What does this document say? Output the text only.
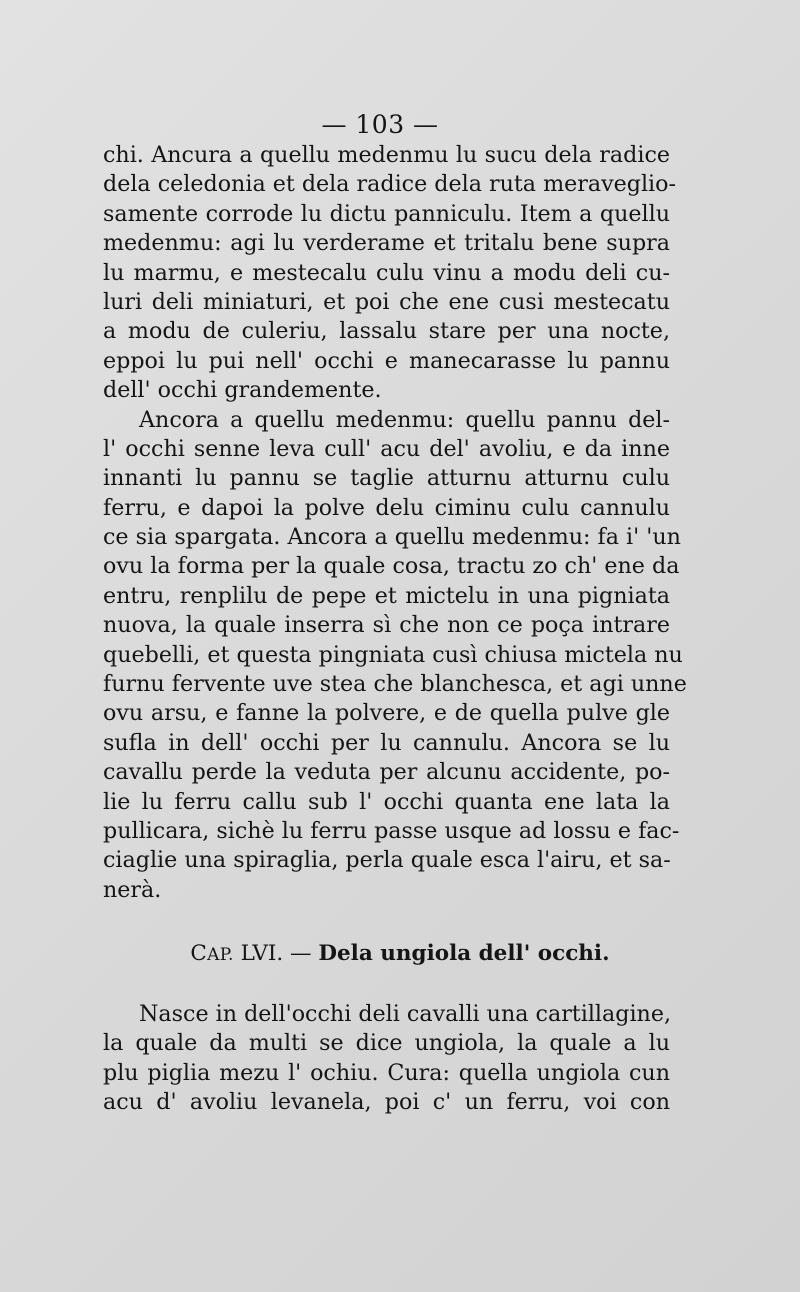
— 103 —
chi. Ancura a quellu medenmu lu sucu dela radice
dela celedonia et dela radice dela ruta meraveglio-
samente corrode lu dictu panniculu. Item a quellu
medenmu: agi lu verderame et tritalu bene supra
lu marmu, e mestecalu culu vinu a modu deli cu-
luri deli miniaturi, et poi che ene cusi mestecatu
a modu de culeriu, lassalu stare per una nocte,
eppoi lu pui nell' occhi e manecarasse lu pannu
dell' occhi grandemente.
Ancora a quellu medenmu: quellu pannu del-
l' occhi senne leva cull' acu del' avoliu, e da inne
innanti lu pannu se taglie atturnu atturnu culu
ferru, e dapoi la polve delu ciminu culu cannulu
ce sia spargata. Ancora a quellu medenmu: fa i' 'un
ovu la forma per la quale cosa, tractu zo ch' ene da
entru, renplilu de pepe et mictelu in una pigniata
nuova, la quale inserra sì che non ce poça intrare
quebelli, et questa pingniata cusì chiusa mictela nu
furnu fervente uve stea che blanchesca, et agi unne
ovu arsu, e fanne la polvere, e de quella pulve gle
sufla in dell' occhi per lu cannulu. Ancora se lu
cavallu perde la veduta per alcunu accidente, po-
lie lu ferru callu sub l' occhi quanta ene lata la
pullicara, sichè lu ferru passe usque ad lossu e fac-
ciaglie una spiraglia, perla quale esca l'airu, et sa-
nerà.
CAP. LVI. — Dela ungiola dell' occhi.
Nasce in dell'occhi deli cavalli una cartillagine,
la quale da multi se dice ungiola, la quale a lu
plu piglia mezu l' ochiu. Cura: quella ungiola cun
acu d' avoliu levanela, poi c' un ferru, voi con
